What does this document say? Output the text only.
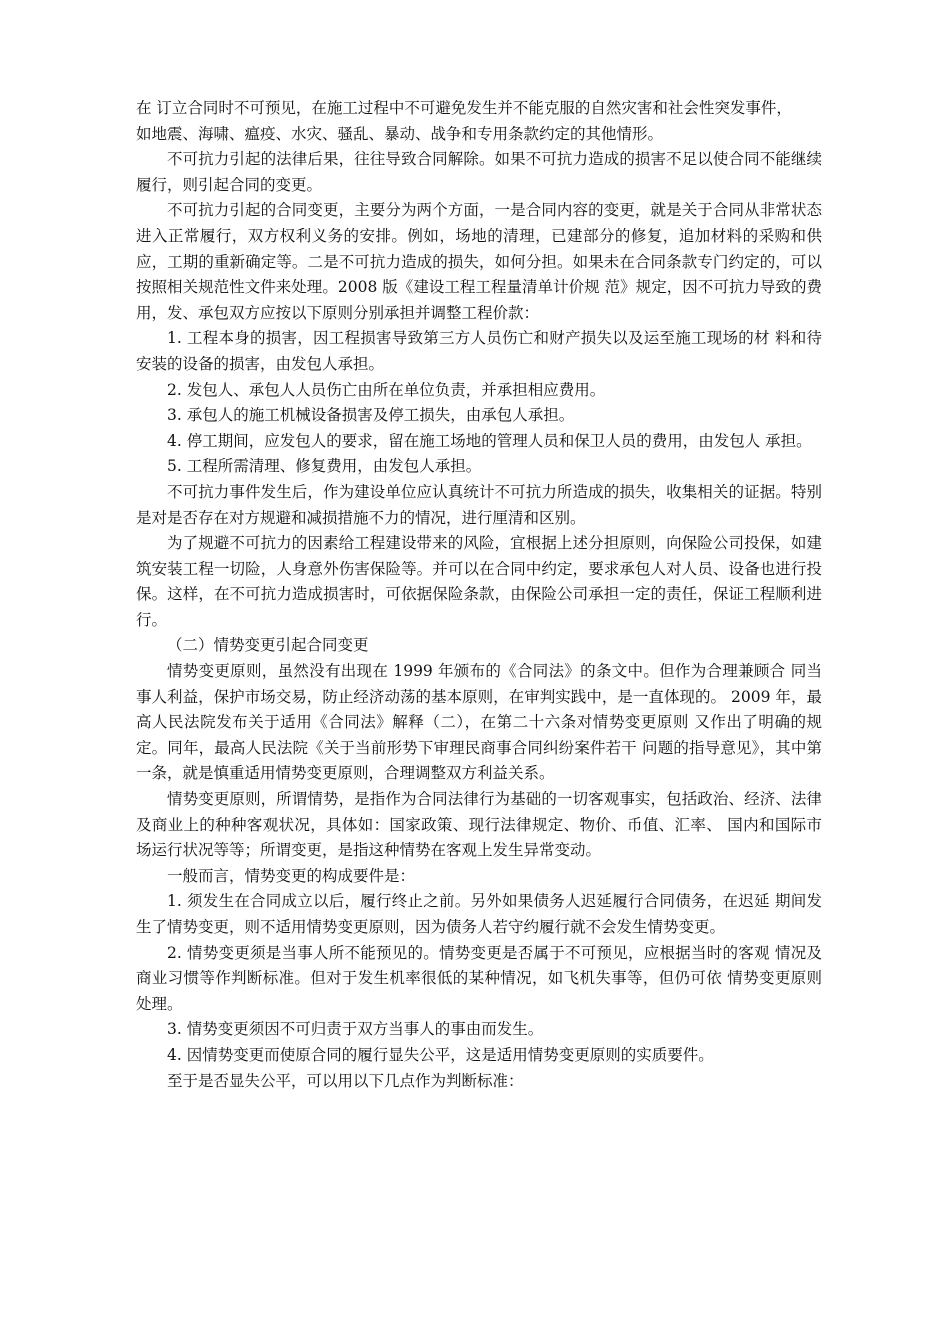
在 订立合同时不可预见，在施工过程中不可避免发生并不能克服的自然灾害和社会性突发事件，

如地震、海啸、瘟疫、水灾、骚乱、暴动、战争和专用条款约定的其他情形。

不可抗力引起的法律后果，往往导致合同解除。如果不可抗力造成的损害不足以使合同不能继续履行，则引起合同的变更。

不可抗力引起的合同变更，主要分为两个方面，一是合同内容的变更，就是关于合同从非常状态进入正常履行，双方权利义务的安排。例如，场地的清理，已建部分的修复，追加材料的采购和供应，工期的重新确定等。二是不可抗力造成的损失，如何分担。如果未在合同条款专门约定的，可以按照相关规范性文件来处理。2008 版《建设工程工程量清单计价规 范》规定，因不可抗力导致的费用，发、承包双方应按以下原则分别承担并调整工程价款：

1. 工程本身的损害，因工程损害导致第三方人员伤亡和财产损失以及运至施工现场的材 料和待安装的设备的损害，由发包人承担。

2. 发包人、承包人人员伤亡由所在单位负责，并承担相应费用。

3. 承包人的施工机械设备损害及停工损失，由承包人承担。

4. 停工期间，应发包人的要求，留在施工场地的管理人员和保卫人员的费用，由发包人 承担。

5. 工程所需清理、修复费用，由发包人承担。

不可抗力事件发生后，作为建设单位应认真统计不可抗力所造成的损失，收集相关的证据。特别是对是否存在对方规避和减损措施不力的情况，进行厘清和区别。

为了规避不可抗力的因素给工程建设带来的风险，宜根据上述分担原则，向保险公司投保，如建筑安装工程一切险，人身意外伤害保险等。并可以在合同中约定，要求承包人对人员、设备也进行投保。这样，在不可抗力造成损害时，可依据保险条款，由保险公司承担一定的责任，保证工程顺利进行。

（二）情势变更引起合同变更

情势变更原则，虽然没有出现在 1999 年颁布的《合同法》的条文中。但作为合理兼顾合 同当事人利益，保护市场交易，防止经济动荡的基本原则，在审判实践中，是一直体现的。 2009 年，最高人民法院发布关于适用《合同法》解释（二），在第二十六条对情势变更原则 又作出了明确的规定。同年，最高人民法院《关于当前形势下审理民商事合同纠纷案件若干 问题的指导意见》，其中第一条，就是慎重适用情势变更原则，合理调整双方利益关系。

情势变更原则，所谓情势，是指作为合同法律行为基础的一切客观事实，包括政治、经济、法律及商业上的种种客观状况，具体如：国家政策、现行法律规定、物价、币值、汇率、 国内和国际市场运行状况等等；所谓变更，是指这种情势在客观上发生异常变动。

一般而言，情势变更的构成要件是：

1. 须发生在合同成立以后，履行终止之前。另外如果债务人迟延履行合同债务，在迟延 期间发生了情势变更，则不适用情势变更原则，因为债务人若守约履行就不会发生情势变更。

2. 情势变更须是当事人所不能预见的。情势变更是否属于不可预见，应根据当时的客观 情况及商业习惯等作判断标准。但对于发生机率很低的某种情况，如飞机失事等，但仍可依 情势变更原则处理。

3. 情势变更须因不可归责于双方当事人的事由而发生。

4. 因情势变更而使原合同的履行显失公平，这是适用情势变更原则的实质要件。

至于是否显失公平，可以用以下几点作为判断标准：
